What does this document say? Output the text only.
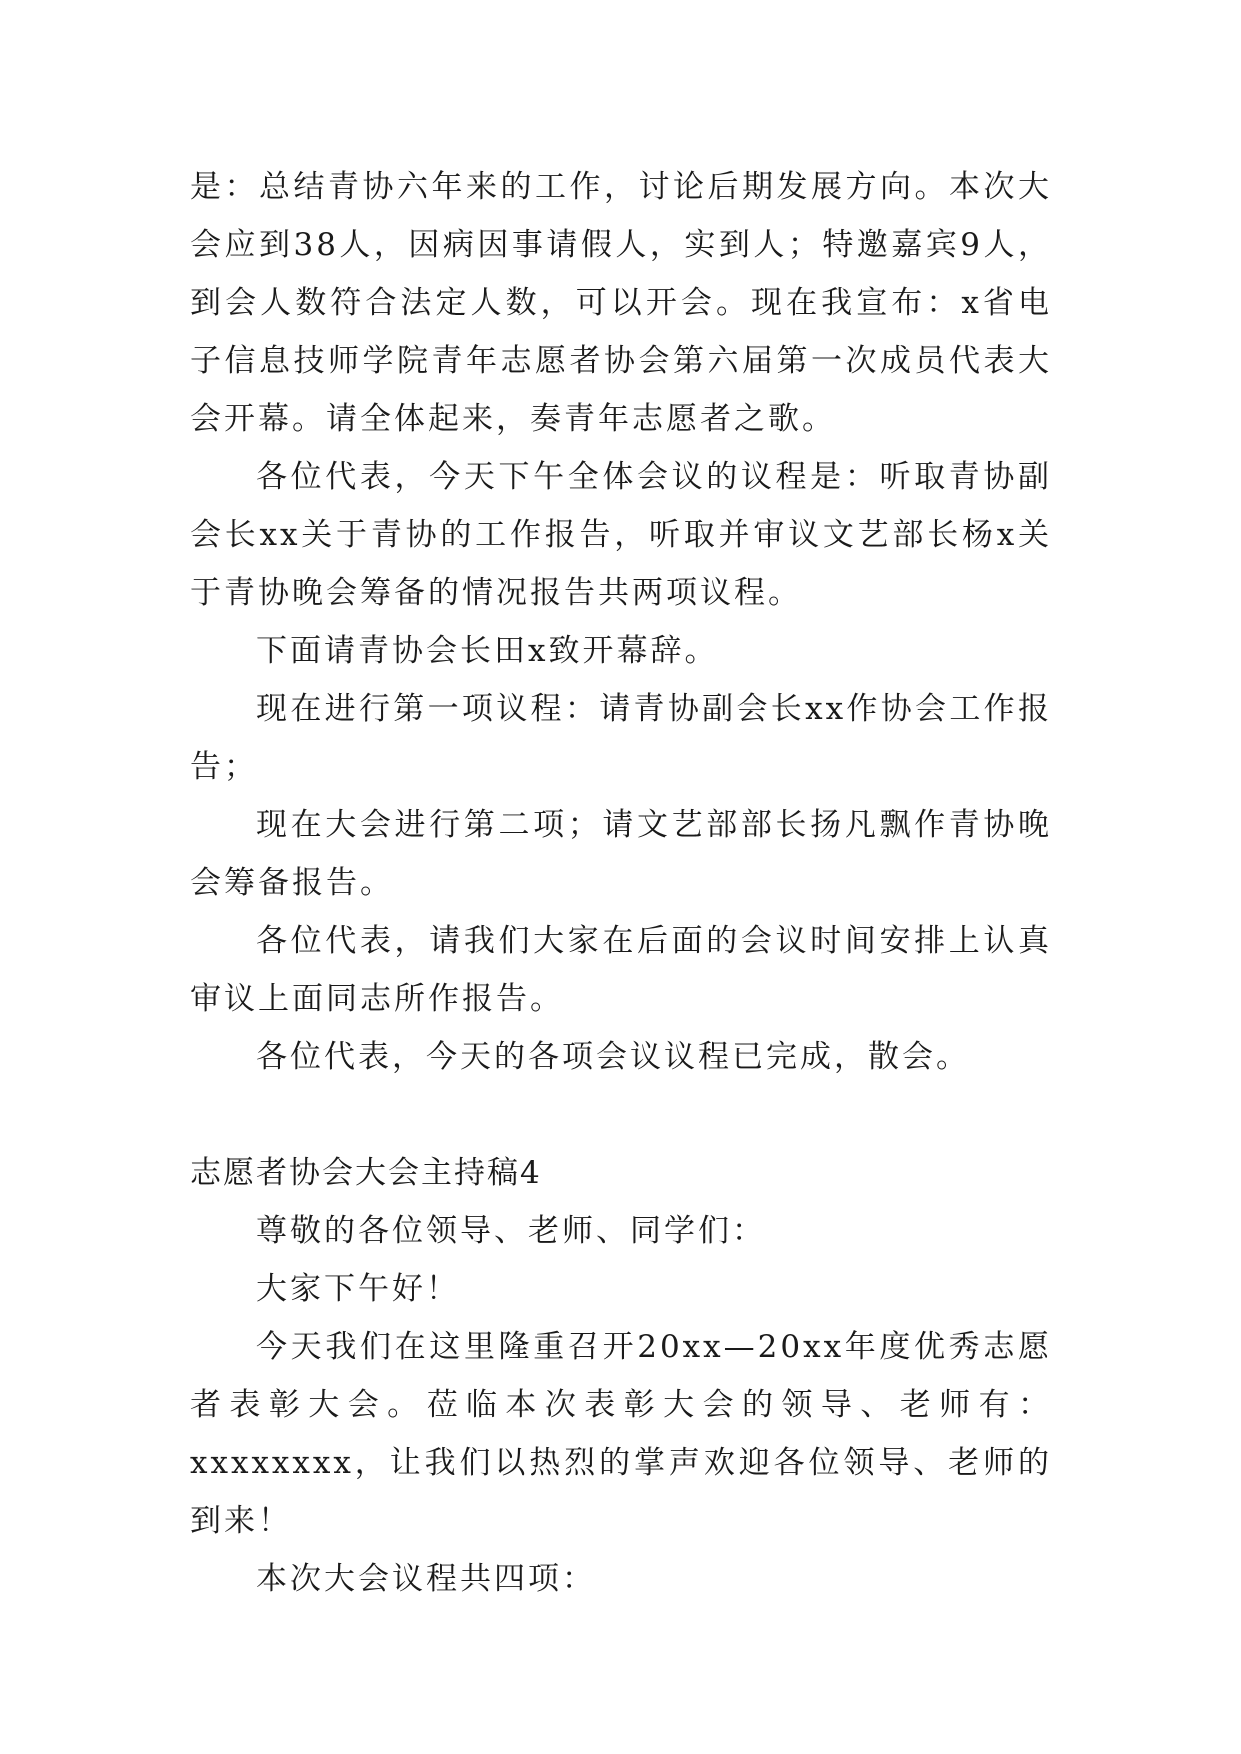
是：总结青协六年来的工作，讨论后期发展方向。本次大会应到38人，因病因事请假人，实到人；特邀嘉宾9人，到会人数符合法定人数，可以开会。现在我宣布：x省电子信息技师学院青年志愿者协会第六届第一次成员代表大会开幕。请全体起来，奏青年志愿者之歌。

各位代表，今天下午全体会议的议程是：听取青协副会长xx关于青协的工作报告，听取并审议文艺部长杨x关于青协晚会筹备的情况报告共两项议程。

下面请青协会长田x致开幕辞。

现在进行第一项议程：请青协副会长xx作协会工作报告；

现在大会进行第二项；请文艺部部长扬凡飘作青协晚会筹备报告。

各位代表，请我们大家在后面的会议时间安排上认真审议上面同志所作报告。

各位代表，今天的各项会议议程已完成，散会。

志愿者协会大会主持稿4

尊敬的各位领导、老师、同学们：

大家下午好！

今天我们在这里隆重召开20xx—20xx年度优秀志愿者表彰大会。莅临本次表彰大会的领导、老师有：xxxxxxxx，让我们以热烈的掌声欢迎各位领导、老师的到来！

本次大会议程共四项：
